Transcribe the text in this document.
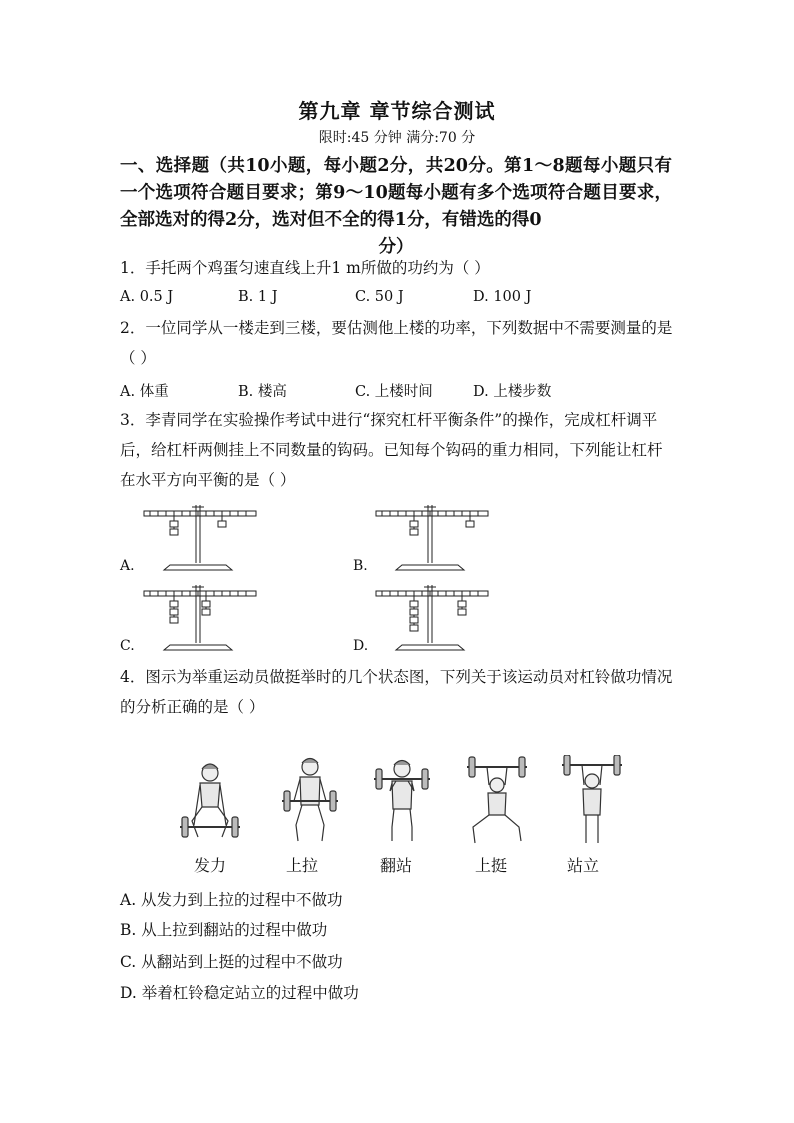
第九章 章节综合测试
限时:45 分钟 满分:70 分
一、选择题（共10小题，每小题2分，共20分。第1～8题每小题只有一个选项符合题目要求；第9～10题每小题有多个选项符合题目要求，全部选对的得2分，选对但不全的得1分，有错选的得0
分）
1．手托两个鸡蛋匀速直线上升1 m所做的功约为（ ）
A. 0.5 J	B. 1 J	C. 50 J	D. 100 J
2．一位同学从一楼走到三楼，要估测他上楼的功率，下列数据中不需要测量的是（ ）
A. 体重	B. 楼高	C. 上楼时间	D. 上楼步数
3．李青同学在实验操作考试中进行“探究杠杆平衡条件”的操作，完成杠杆调平后，给杠杆两侧挂上不同数量的钩码。已知每个钩码的重力相同，下列能让杠杆在水平方向平衡的是（ ）
A.	B.
C.	D.
4．图示为举重运动员做挺举时的几个状态图，下列关于该运动员对杠铃做功情况的分析正确的是（ ）
发力	上拉	翻站	上挺	站立
A. 从发力到上拉的过程中不做功
B. 从上拉到翻站的过程中做功
C. 从翻站到上挺的过程中不做功
D. 举着杠铃稳定站立的过程中做功
